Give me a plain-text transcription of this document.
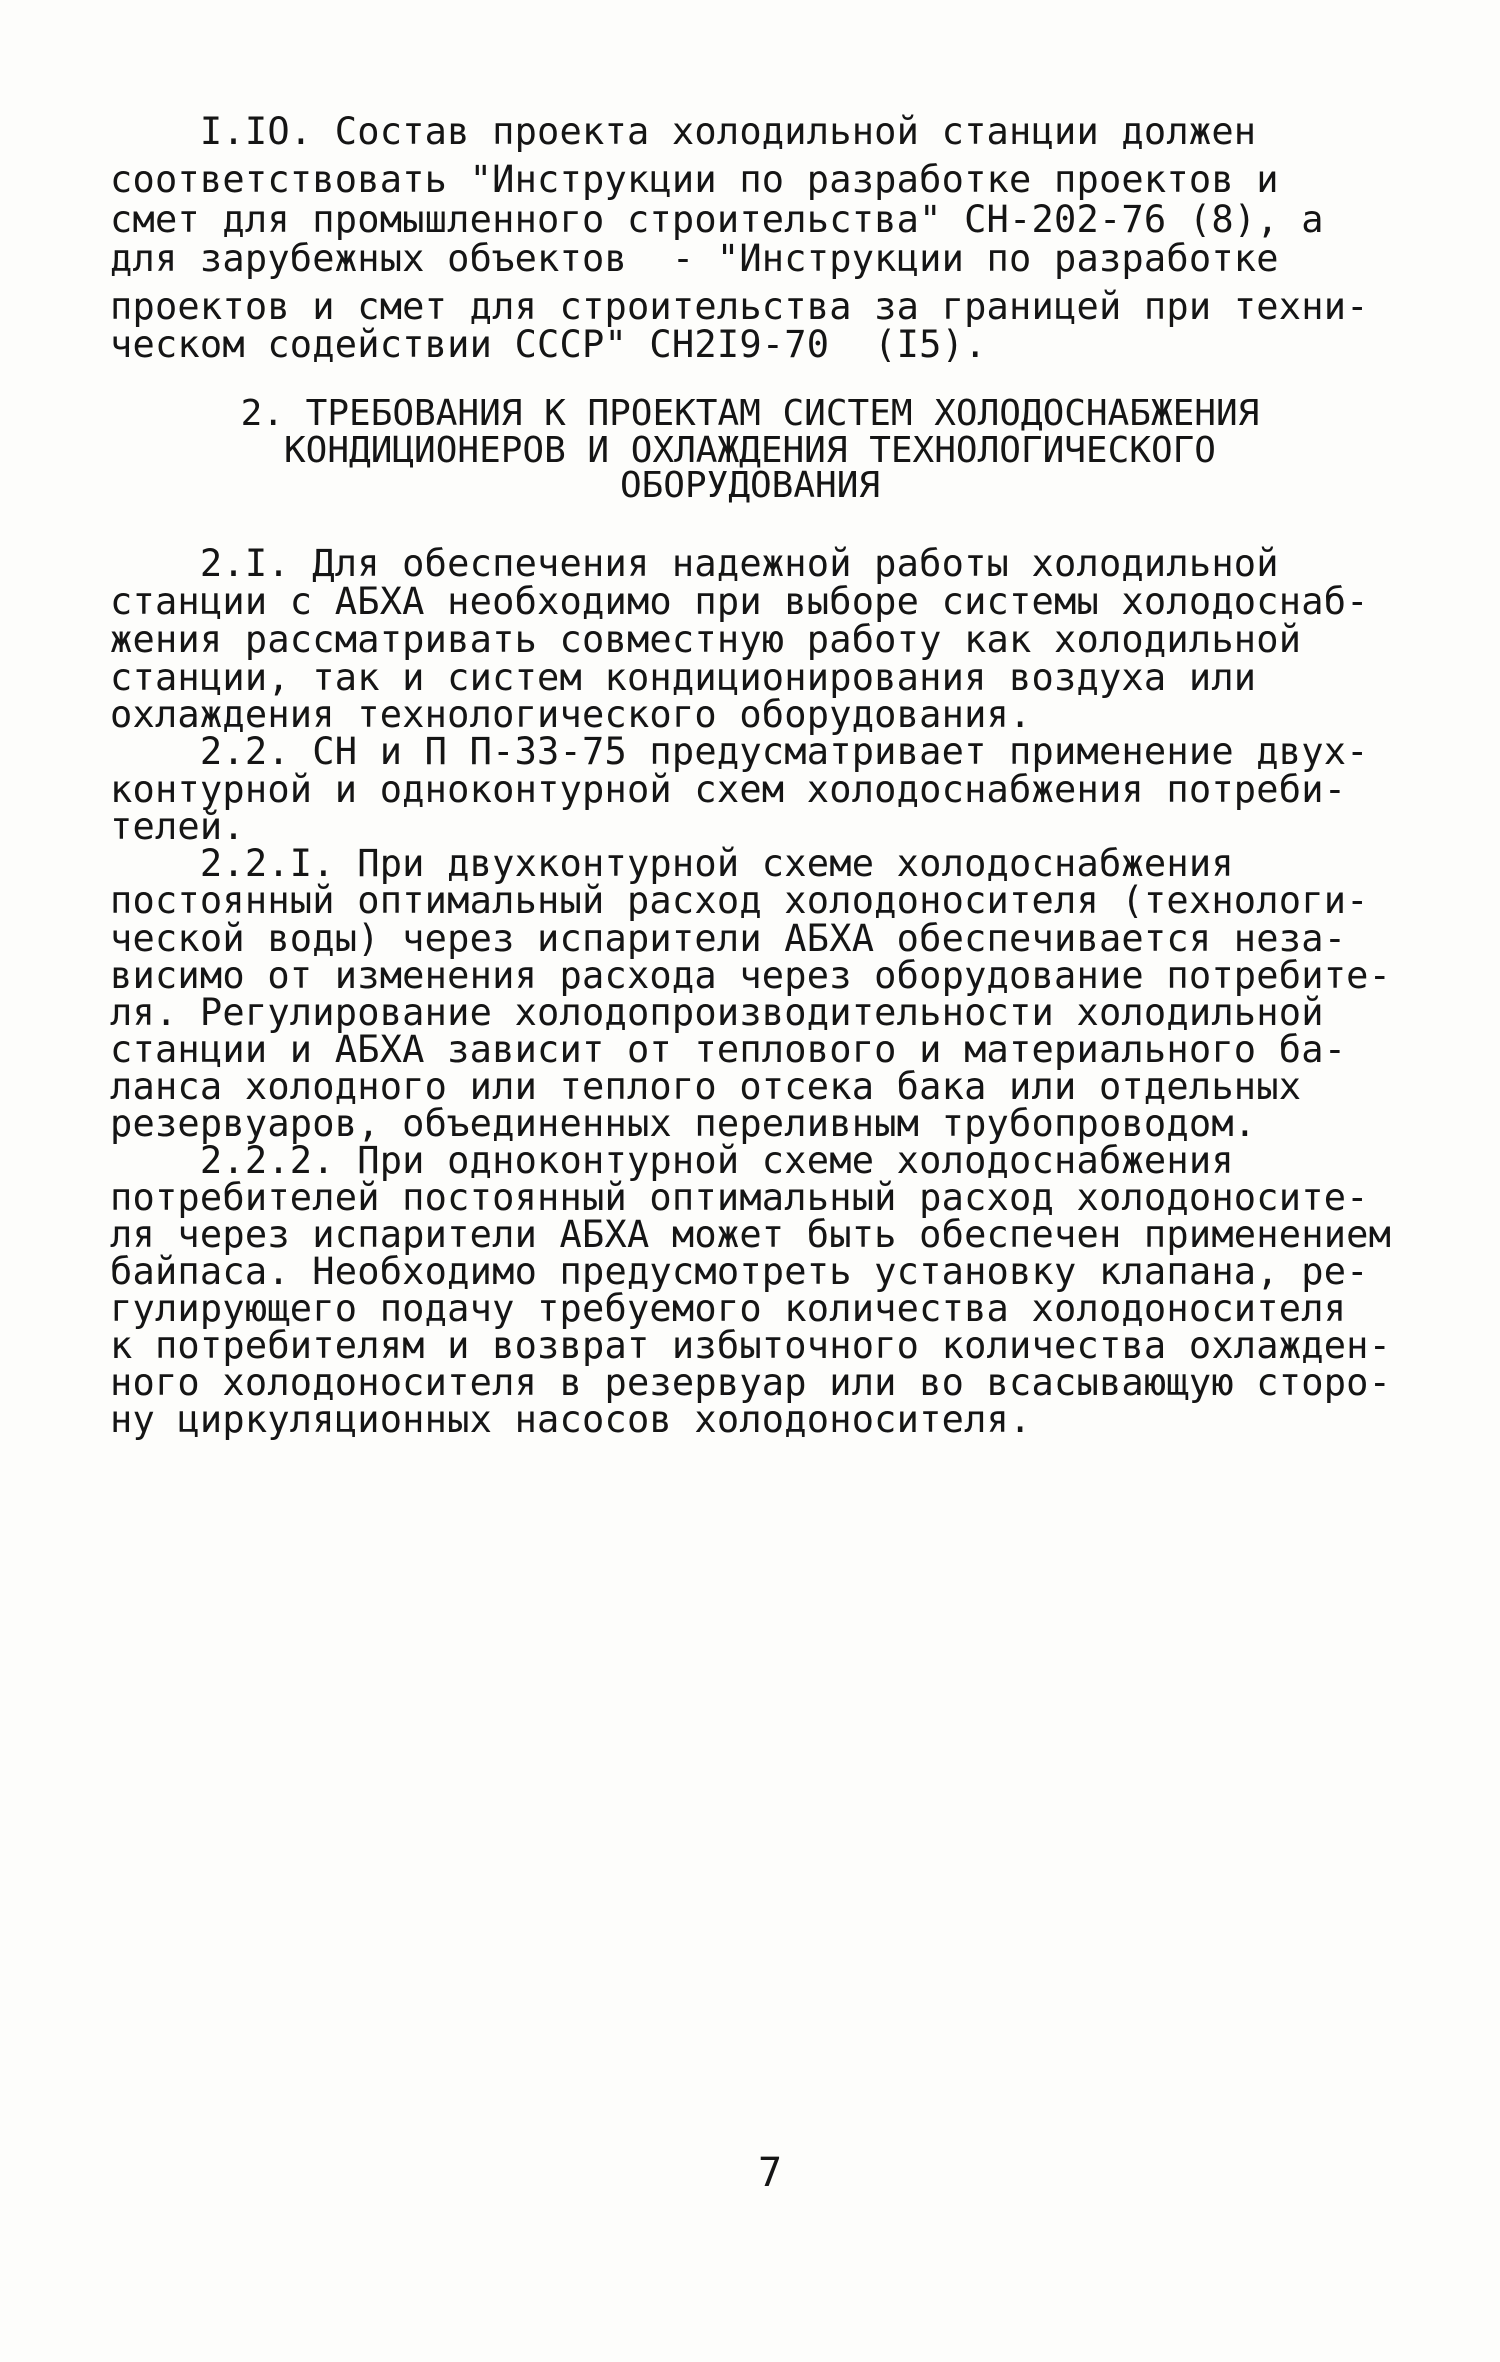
I.IO. Состав проекта холодильной станции должен
соответствовать "Инструкции по разработке проектов и
смет для промышленного строительства" СН-202-76 (8), а
для зарубежных объектов  - "Инструкции по разработке
проектов и смет для строительства за границей при техни-
ческом содействии СССР" СН2I9-70  (I5).
2. ТРЕБОВАНИЯ К ПРОЕКТАМ СИСТЕМ ХОЛОДОСНАБЖЕНИЯ
КОНДИЦИОНЕРОВ И ОХЛАЖДЕНИЯ ТЕХНОЛОГИЧЕСКОГО
ОБОРУДОВАНИЯ
2.I. Для обеспечения надежной работы холодильной
станции с АБХА необходимо при выборе системы холодоснаб-
жения рассматривать совместную работу как холодильной
станции, так и систем кондиционирования воздуха или
охлаждения технологического оборудования.
2.2. СН и П П-33-75 предусматривает применение двух-
контурной и одноконтурной схем холодоснабжения потреби-
телей.
2.2.I. При двухконтурной схеме холодоснабжения
постоянный оптимальный расход холодоносителя (технологи-
ческой воды) через испарители АБХА обеспечивается неза-
висимо от изменения расхода через оборудование потребите-
ля. Регулирование холодопроизводительности холодильной
станции и АБХА зависит от теплового и материального ба-
ланса холодного или теплого отсека бака или отдельных
резервуаров, объединенных переливным трубопроводом.
2.2.2. При одноконтурной схеме холодоснабжения
потребителей постоянный оптимальный расход холодоносите-
ля через испарители АБХА может быть обеспечен применением
байпаса. Необходимо предусмотреть установку клапана, ре-
гулирующего подачу требуемого количества холодоносителя
к потребителям и возврат избыточного количества охлажден-
ного холодоносителя в резервуар или во всасывающую сторо-
ну циркуляционных насосов холодоносителя.
7
